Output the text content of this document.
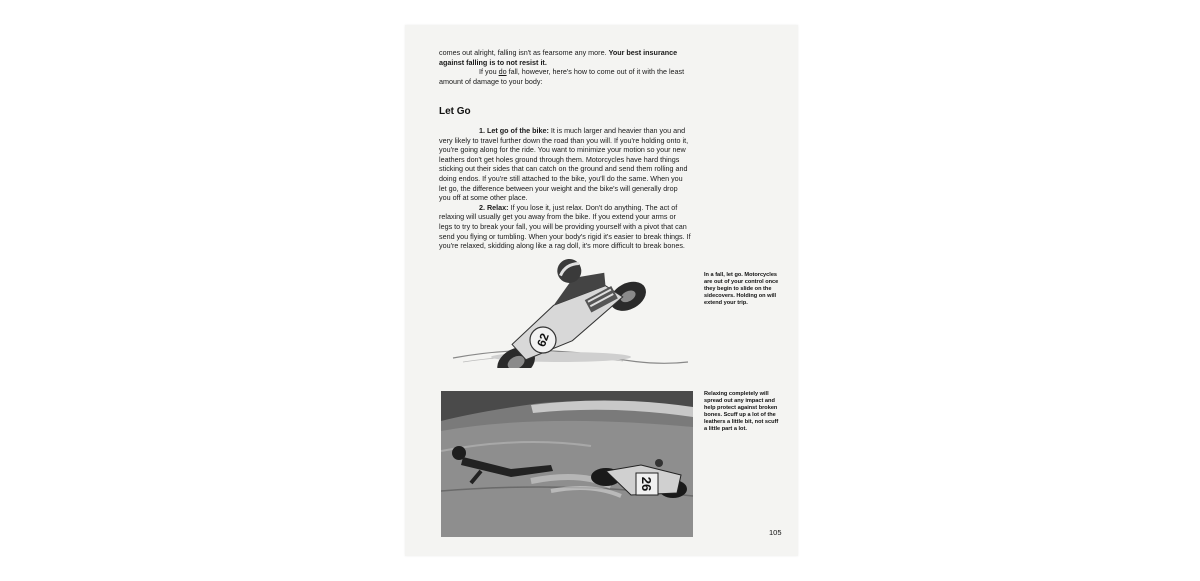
comes out alright, falling isn't as fearsome any more. Your best insurance against falling is to not resist it.

If you do fall, however, here's how to come out of it with the least amount of damage to your body:

Let Go

1. Let go of the bike: It is much larger and heavier than you and very likely to travel further down the road than you will. If you're holding onto it, you're going along for the ride. You want to minimize your motion so your new leathers don't get holes ground through them. Motorcycles have hard things sticking out their sides that can catch on the ground and send them rolling and doing endos. If you're still attached to the bike, you'll do the same. When you let go, the difference between your weight and the bike's will generally drop you off at some other place.

2. Relax: If you lose it, just relax. Don't do anything. The act of relaxing will usually get you away from the bike. If you extend your arms or legs to try to break your fall, you will be providing yourself with a pivot that can send you flying or tumbling. When your body's rigid it's easier to break things. If you're relaxed, skidding along like a rag doll, it's more difficult to break bones.

62
In a fall, let go. Motorcycles are out of your control once they begin to slide on the sidecovers. Holding on will extend your trip.
26
Relaxing completely will spread out any impact and help protect against broken bones. Scuff up a lot of the leathers a little bit, not scuff a little part a lot.
105
